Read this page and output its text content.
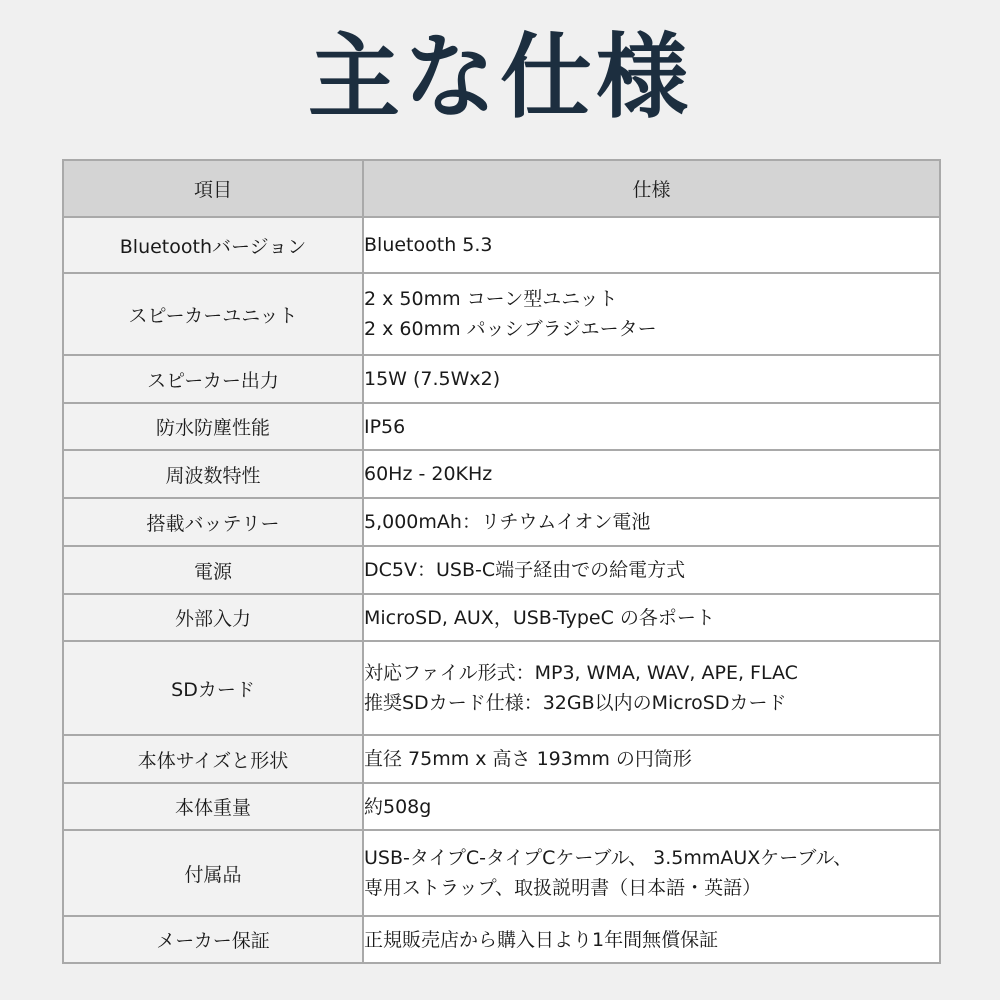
主な仕様
項目	仕様
Bluetoothバージョン	Bluetooth 5.3

スピーカーユニット	2 x 50mm コーン型ユニット
2 x 60mm パッシブラジエーター

スピーカー出力	15W (7.5Wx2)

防水防塵性能	IP56

周波数特性	60Hz - 20KHz

搭載バッテリー	5,000mAh：リチウムイオン電池

電源	DC5V：USB-C端子経由での給電方式

外部入力	MicroSD, AUX，USB-TypeC の各ポート

SDカード	対応ファイル形式：MP3, WMA, WAV, APE, FLAC
推奨SDカード仕様：32GB以内のMicroSDカード

本体サイズと形状	直径 75mm x 高さ 193mm の円筒形

本体重量	約508g

付属品	USB-タイプC-タイプCケーブル、 3.5mmAUXケーブル、
専用ストラップ、取扱説明書（日本語・英語）

メーカー保証	正規販売店から購入日より1年間無償保証
